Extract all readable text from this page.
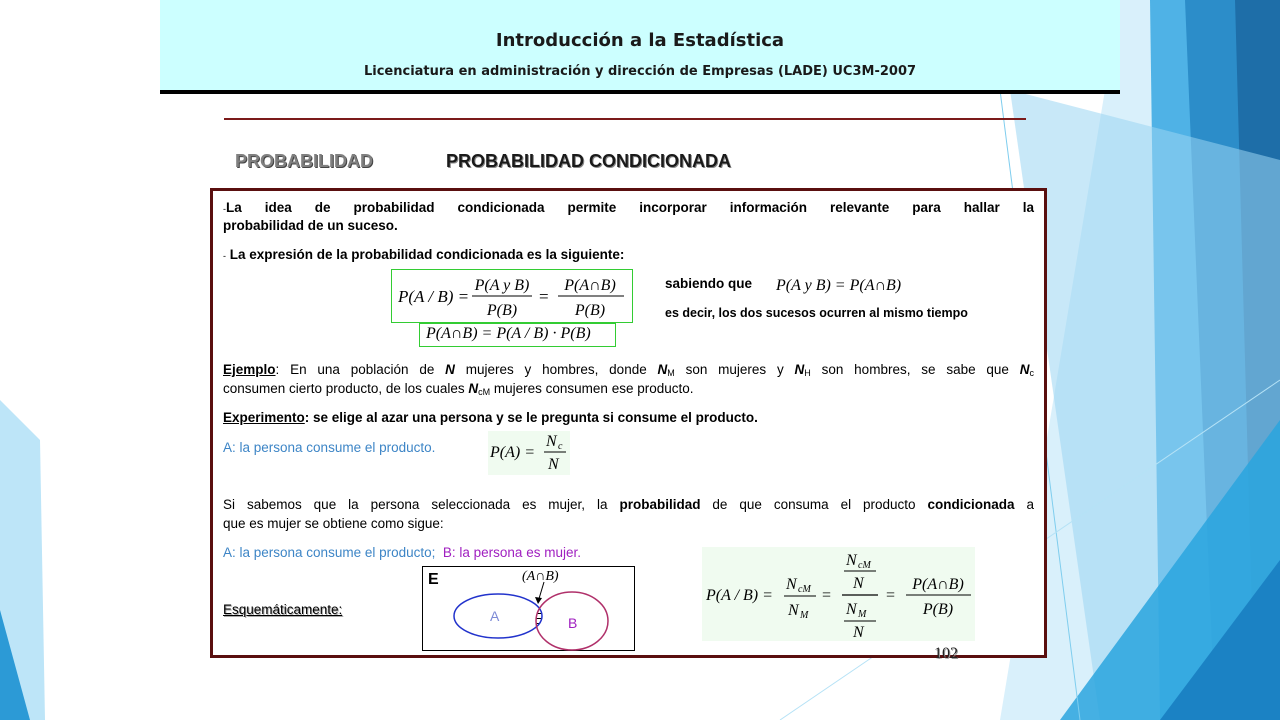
Introducción a la Estadística
Licenciatura en administración y dirección de Empresas (LADE) UC3M-2007
PROBABILIDAD	PROBABILIDAD CONDICIONADA
-La idea de probabilidad condicionada permite incorporar información relevante para hallar la
probabilidad de un suceso.
- La expresión de la probabilidad condicionada es la siguiente:
P(A / B) =
P(A y B)
P(B)
=
P(A∩B)
P(B)
sabiendo que P(A y B) = P(A∩B)
es decir, los dos sucesos ocurren al mismo tiempo
P(A∩B) = P(A / B) · P(B)
Ejemplo: En una población de N mujeres y hombres, donde $N_M$ son mujeres y $N_H$ son hombres, se sabe que $N_c$
consumen cierto producto, de los cuales $N_{cM}$ mujeres consumen ese producto.
Experimento: se elige al azar una persona y se le pregunta si consume el producto.
A: la persona consume el producto.	P(A) =
N c
N
Si sabemos que la persona seleccionada es mujer, la probabilidad de que consuma el producto condicionada a
que es mujer se obtiene como sigue:
A: la persona consume el producto; B: la persona es mujer.
Esquemáticamente:
E	(A∩B)
A	B
P(A / B) =
N cM
N M
=
N cM
N
N M
N
=
P(A∩B)
P(B)
102
